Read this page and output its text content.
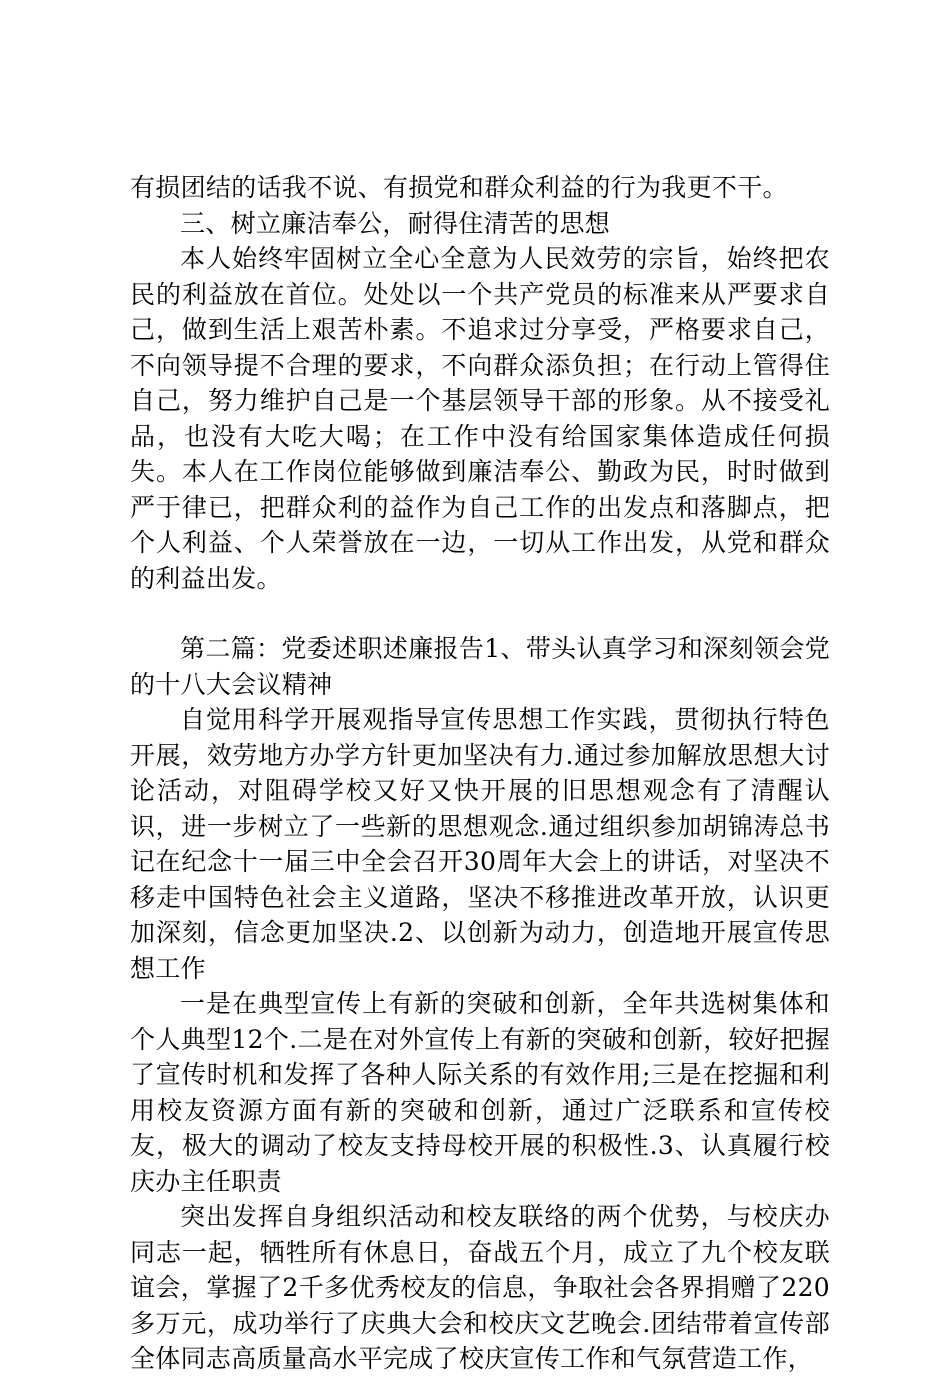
有损团结的话我不说、有损党和群众利益的行为我更不干。

三、树立廉洁奉公，耐得住清苦的思想

本人始终牢固树立全心全意为人民效劳的宗旨，始终把农民的利益放在首位。处处以一个共产党员的标准来从严要求自己，做到生活上艰苦朴素。不追求过分享受，严格要求自己，不向领导提不合理的要求，不向群众添负担；在行动上管得住自己，努力维护自己是一个基层领导干部的形象。从不接受礼品，也没有大吃大喝；在工作中没有给国家集体造成任何损失。本人在工作岗位能够做到廉洁奉公、勤政为民，时时做到严于律已，把群众利的益作为自己工作的出发点和落脚点，把个人利益、个人荣誉放在一边，一切从工作出发，从党和群众的利益出发。

第二篇：党委述职述廉报告1、带头认真学习和深刻领会党的十八大会议精神

自觉用科学开展观指导宣传思想工作实践，贯彻执行特色开展，效劳地方办学方针更加坚决有力.通过参加解放思想大讨论活动，对阻碍学校又好又快开展的旧思想观念有了清醒认识，进一步树立了一些新的思想观念.通过组织参加胡锦涛总书记在纪念十一届三中全会召开30周年大会上的讲话，对坚决不移走中国特色社会主义道路，坚决不移推进改革开放，认识更加深刻，信念更加坚决.2、以创新为动力，创造地开展宣传思想工作

一是在典型宣传上有新的突破和创新，全年共选树集体和个人典型12个.二是在对外宣传上有新的突破和创新，较好把握了宣传时机和发挥了各种人际关系的有效作用;三是在挖掘和利用校友资源方面有新的突破和创新，通过广泛联系和宣传校友，极大的调动了校友支持母校开展的积极性.3、认真履行校庆办主任职责

突出发挥自身组织活动和校友联络的两个优势，与校庆办同志一起，牺牲所有休息日，奋战五个月，成立了九个校友联谊会，掌握了2千多优秀校友的信息，争取社会各界捐赠了220多万元，成功举行了庆典大会和校庆文艺晚会.团结带着宣传部全体同志高质量高水平完成了校庆宣传工作和气氛营造工作，
